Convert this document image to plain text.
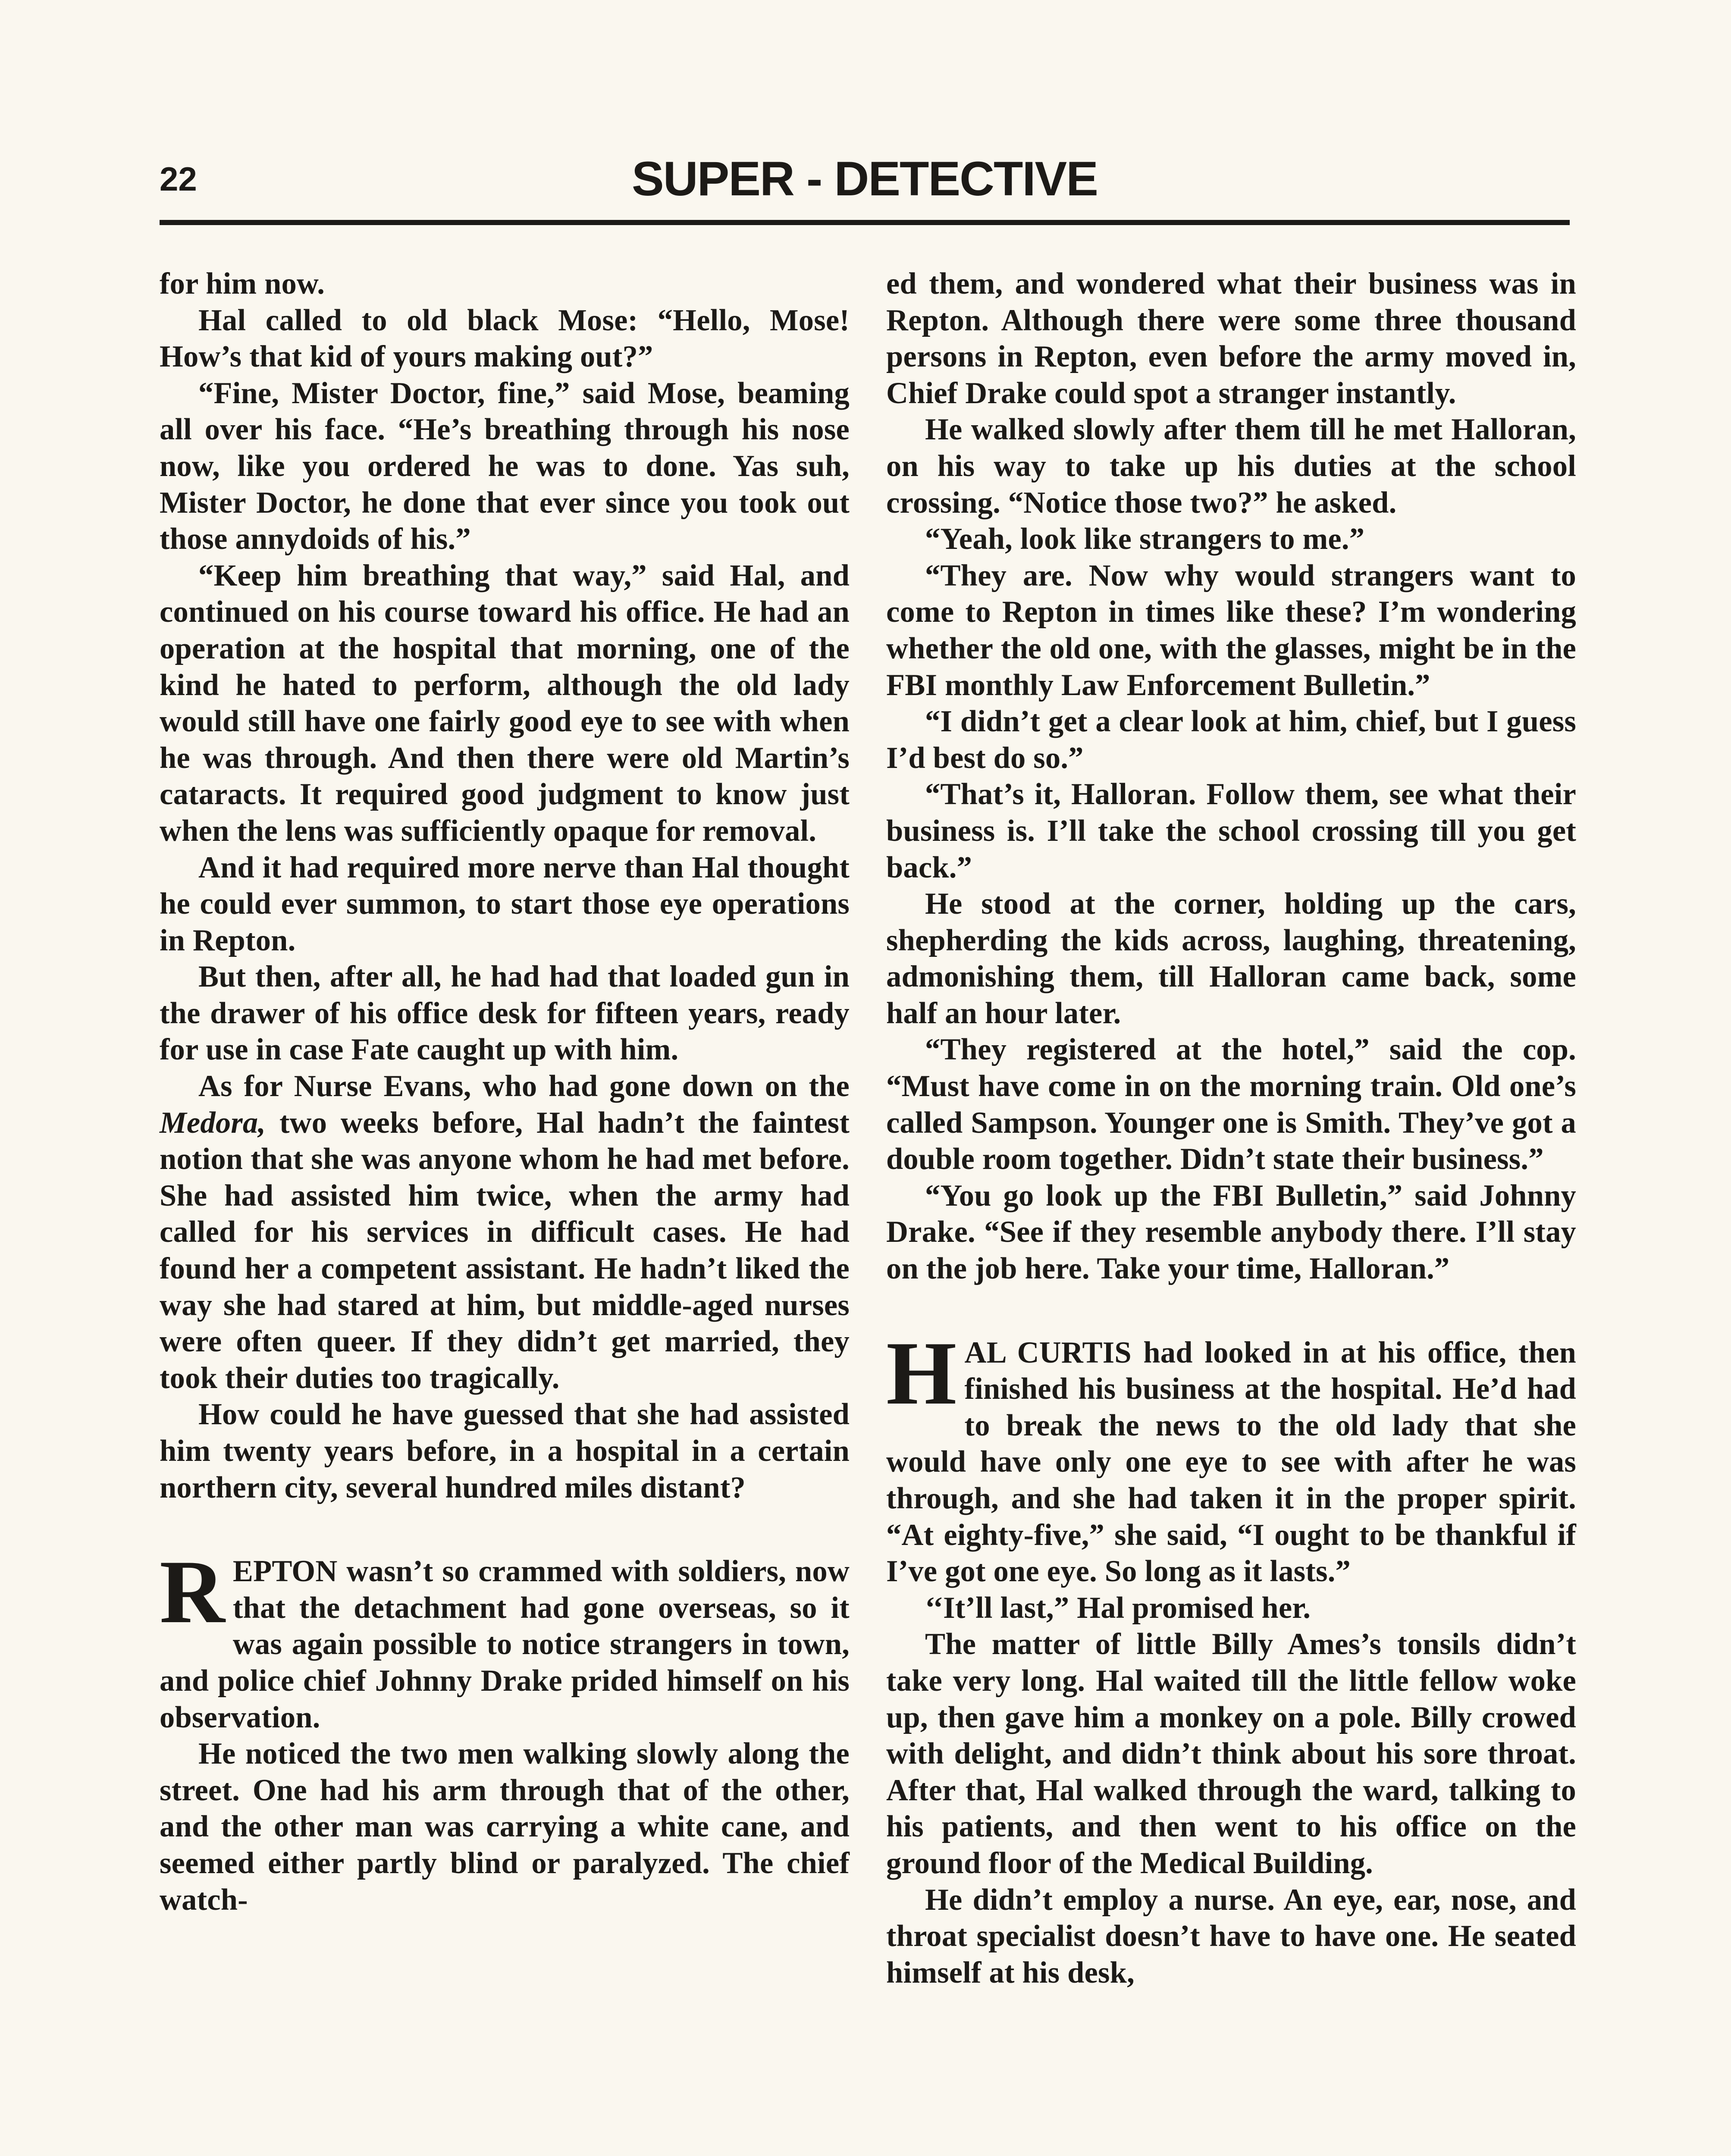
22	SUPER - DETECTIVE

for him now.

Hal called to old black Mose: “Hello, Mose! How’s that kid of yours making out?”

“Fine, Mister Doctor, fine,” said Mose, beaming all over his face. “He’s breathing through his nose now, like you ordered he was to done. Yas suh, Mister Doctor, he done that ever since you took out those annydoids of his.”

“Keep him breathing that way,” said Hal, and continued on his course toward his office. He had an operation at the hospital that morning, one of the kind he hated to perform, although the old lady would still have one fairly good eye to see with when he was through. And then there were old Martin’s cataracts. It required good judgment to know just when the lens was sufficiently opaque for removal.

And it had required more nerve than Hal thought he could ever summon, to start those eye operations in Repton.

But then, after all, he had had that loaded gun in the drawer of his office desk for fifteen years, ready for use in case Fate caught up with him.

As for Nurse Evans, who had gone down on the Medora, two weeks before, Hal hadn’t the faintest notion that she was anyone whom he had met before. She had assisted him twice, when the army had called for his services in difficult cases. He had found her a competent assistant. He hadn’t liked the way she had stared at him, but middle-aged nurses were often queer. If they didn’t get married, they took their duties too tragically.

How could he have guessed that she had assisted him twenty years before, in a hospital in a certain northern city, several hundred miles distant?

REPTON wasn’t so crammed with soldiers, now that the detachment had gone overseas, so it was again possible to notice strangers in town, and police chief Johnny Drake prided himself on his observation.

He noticed the two men walking slowly along the street. One had his arm through that of the other, and the other man was carrying a white cane, and seemed either partly blind or paralyzed. The chief watch-

ed them, and wondered what their business was in Repton. Although there were some three thousand persons in Repton, even before the army moved in, Chief Drake could spot a stranger instantly.

He walked slowly after them till he met Halloran, on his way to take up his duties at the school crossing. “Notice those two?” he asked.

“Yeah, look like strangers to me.”

“They are. Now why would strangers want to come to Repton in times like these? I’m wondering whether the old one, with the glasses, might be in the FBI monthly Law Enforcement Bulletin.”

“I didn’t get a clear look at him, chief, but I guess I’d best do so.”

“That’s it, Halloran. Follow them, see what their business is. I’ll take the school crossing till you get back.”

He stood at the corner, holding up the cars, shepherding the kids across, laughing, threatening, admonishing them, till Halloran came back, some half an hour later.

“They registered at the hotel,” said the cop. “Must have come in on the morning train. Old one’s called Sampson. Younger one is Smith. They’ve got a double room together. Didn’t state their business.”

“You go look up the FBI Bulletin,” said Johnny Drake. “See if they resemble anybody there. I’ll stay on the job here. Take your time, Halloran.”

HAL CURTIS had looked in at his office, then finished his business at the hospital. He’d had to break the news to the old lady that she would have only one eye to see with after he was through, and she had taken it in the proper spirit. “At eighty-five,” she said, “I ought to be thankful if I’ve got one eye. So long as it lasts.”

‘‘It’ll last,” Hal promised her.

The matter of little Billy Ames’s tonsils didn’t take very long. Hal waited till the little fellow woke up, then gave him a monkey on a pole. Billy crowed with delight, and didn’t think about his sore throat. After that, Hal walked through the ward, talking to his patients, and then went to his office on the ground floor of the Medical Building.

He didn’t employ a nurse. An eye, ear, nose, and throat specialist doesn’t have to have one. He seated himself at his desk,
